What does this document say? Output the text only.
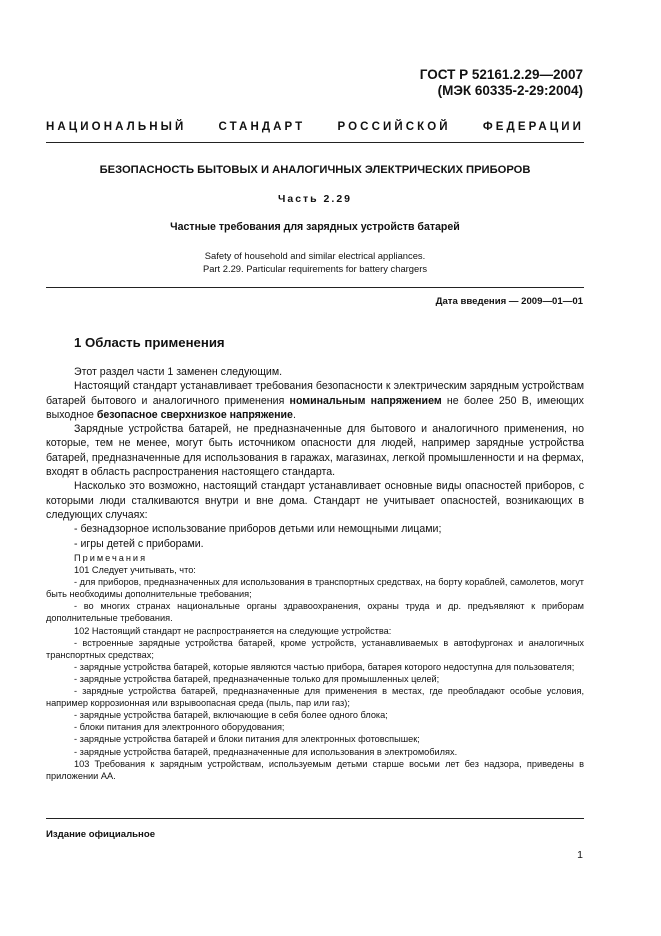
ГОСТ Р 52161.2.29—2007
(МЭК 60335-2-29:2004)
НАЦИОНАЛЬНЫЙ СТАНДАРТ РОССИЙСКОЙ ФЕДЕРАЦИИ
БЕЗОПАСНОСТЬ БЫТОВЫХ И АНАЛОГИЧНЫХ ЭЛЕКТРИЧЕСКИХ ПРИБОРОВ
Часть 2.29
Частные требования для зарядных устройств батарей
Safety of household and similar electrical appliances.
Part 2.29. Particular requirements for battery chargers
Дата введения — 2009—01—01
1 Область применения

Этот раздел части 1 заменен следующим.

Настоящий стандарт устанавливает требования безопасности к электрическим зарядным устройствам батарей бытового и аналогичного применения номинальным напряжением не более 250 В, имеющих выходное безопасное сверхнизкое напряжение.

Зарядные устройства батарей, не предназначенные для бытового и аналогичного применения, но которые, тем не менее, могут быть источником опасности для людей, например зарядные устройства батарей, предназначенные для использования в гаражах, магазинах, легкой промышленности и на фермах, входят в область распространения настоящего стандарта.

Насколько это возможно, настоящий стандарт устанавливает основные виды опасностей приборов, с которыми люди сталкиваются внутри и вне дома. Стандарт не учитывает опасностей, возникающих в следующих случаях:

- безнадзорное использование приборов детьми или немощными лицами;

- игры детей с приборами.

Примечания

101 Следует учитывать, что:

- для приборов, предназначенных для использования в транспортных средствах, на борту кораблей, самолетов, могут быть необходимы дополнительные требования;

- во многих странах национальные органы здравоохранения, охраны труда и др. предъявляют к приборам дополнительные требования.

102 Настоящий стандарт не распространяется на следующие устройства:

- встроенные зарядные устройства батарей, кроме устройств, устанавливаемых в автофургонах и аналогичных транспортных средствах;

- зарядные устройства батарей, которые являются частью прибора, батарея которого недоступна для пользователя;

- зарядные устройства батарей, предназначенные только для промышленных целей;

- зарядные устройства батарей, предназначенные для применения в местах, где преобладают особые условия, например коррозионная или взрывоопасная среда (пыль, пар или газ);

- зарядные устройства батарей, включающие в себя более одного блока;

- блоки питания для электронного оборудования;

- зарядные устройства батарей и блоки питания для электронных фотовспышек;

- зарядные устройства батарей, предназначенные для использования в электромобилях.

103 Требования к зарядным устройствам, используемым детьми старше восьми лет без надзора, приведены в приложении АА.

Издание официальное
1
